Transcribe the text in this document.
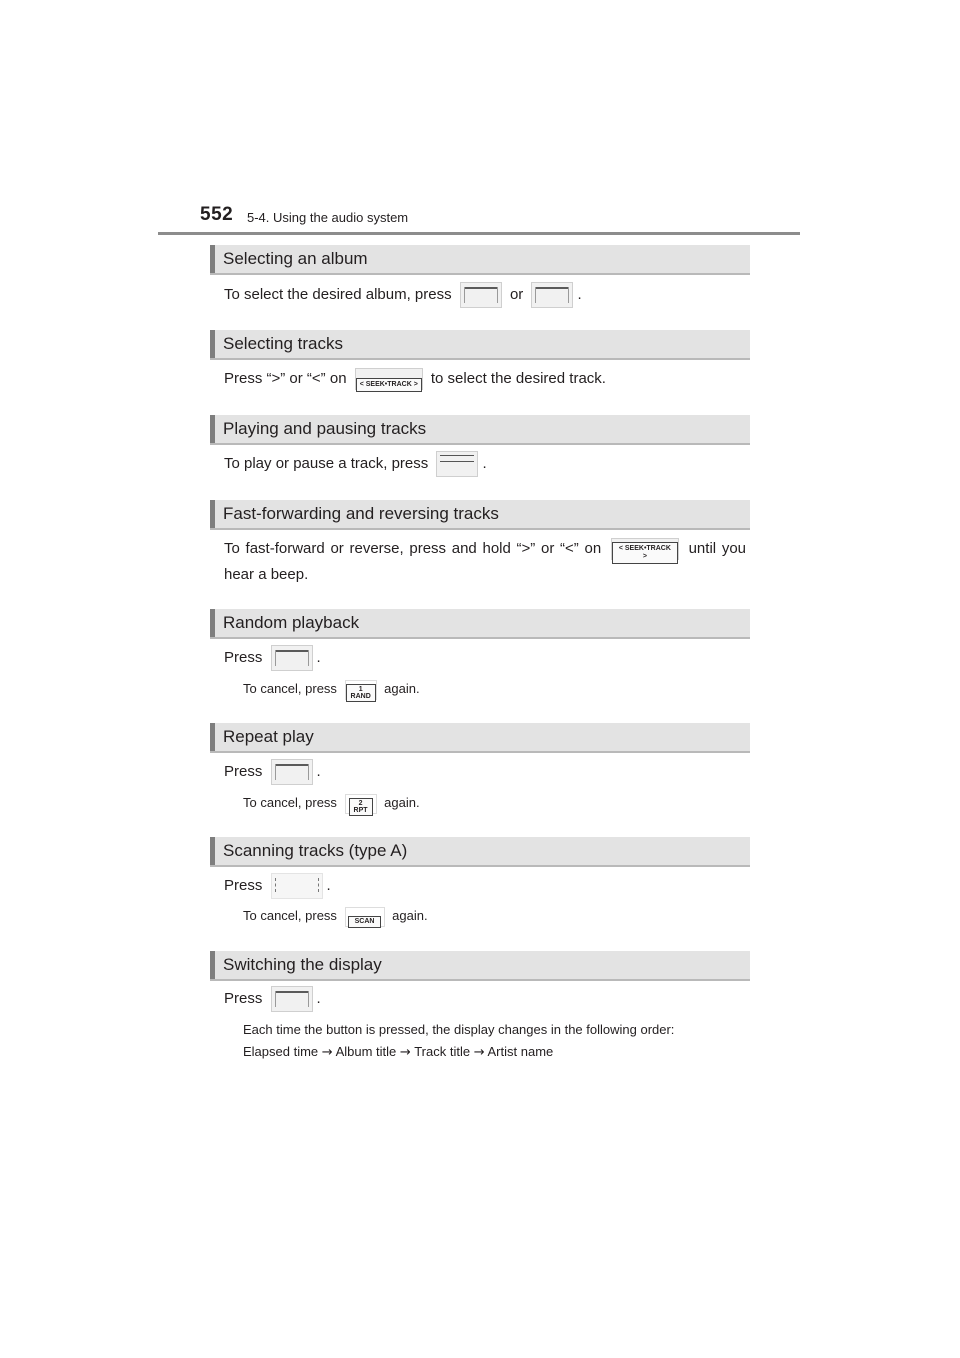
552 5-4. Using the audio system
Selecting an album
To select the desired album, press	or	.
Selecting tracks
Press “>” or “<” on < SEEK•TRACK > to select the desired track.
Playing and pausing tracks
To play or pause a track, press	.
Fast-forwarding and reversing tracks
To fast-forward or reverse, press and hold “>” or “<” on < SEEK•TRACK > until you hear a beep.
Random playback
Press	.
To cancel, press	1
RAND again.
Repeat play
Press	.
To cancel, press	2
RPT again.
Scanning tracks (type A)
Press	.
To cancel, press SCAN again.
Switching the display
Press	.
Each time the button is pressed, the display changes in the following order:
Elapsed time → Album title → Track title → Artist name
